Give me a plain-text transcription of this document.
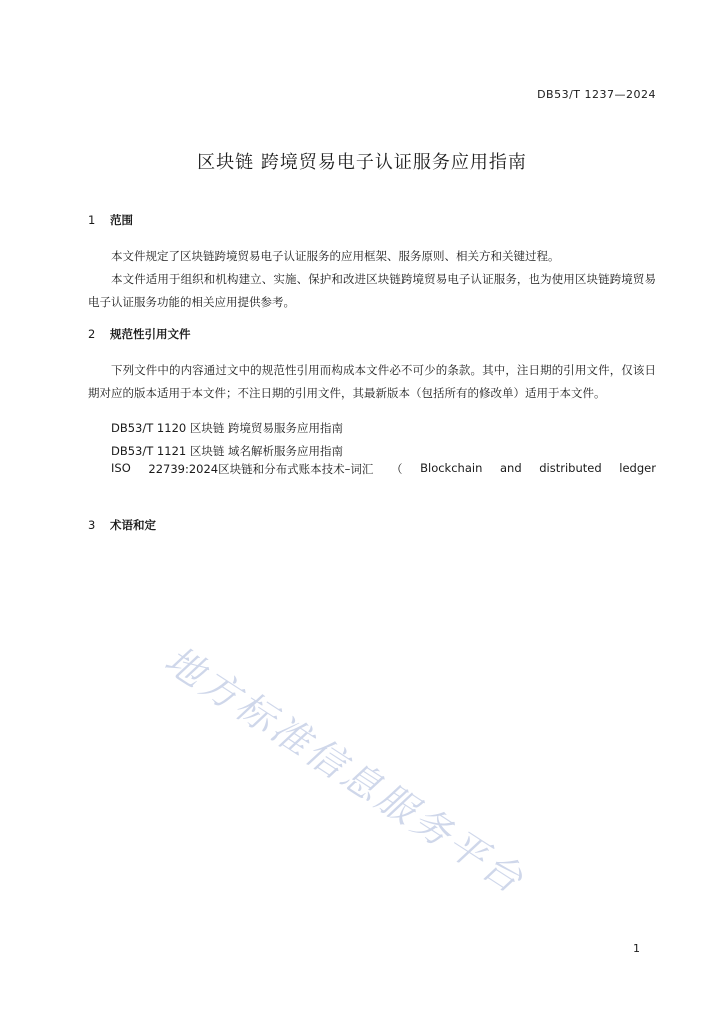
DB53/T 1237—2024
区块链 跨境贸易电子认证服务应用指南
1 范围
本文件规定了区块链跨境贸易电子认证服务的应用框架、服务原则、相关方和关键过程。
本文件适用于组织和机构建立、实施、保护和改进区块链跨境贸易电子认证服务，也为使用区块链跨境贸易电子认证服务功能的相关应用提供参考。
2 规范性引用文件
下列文件中的内容通过文中的规范性引用而构成本文件必不可少的条款。其中，注日期的引用文件，仅该日期对应的版本适用于本文件；不注日期的引用文件，其最新版本（包括所有的修改单）适用于本文件。
DB53/T 1120 区块链 跨境贸易服务应用指南
DB53/T 1121 区块链 域名解析服务应用指南
ISO 22739:2024区块链和分布式账本技术–词汇 （ Blockchain and distributed ledger
3 术语和定
地方标准信息服务平台
1
